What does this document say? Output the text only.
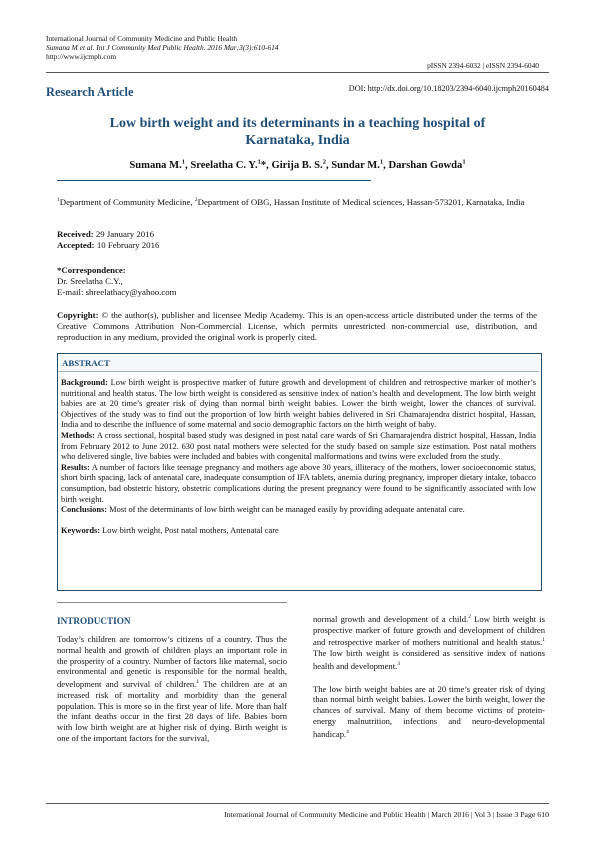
International Journal of Community Medicine and Public Health
Sumana M et al. Int J Community Med Public Health. 2016 Mar;3(3):610-614
http://www.ijcmph.com
pISSN 2394-6032 | eISSN 2394-6040
DOI: http://dx.doi.org/10.18203/2394-6040.ijcmph20160484
Research Article
Low birth weight and its determinants in a teaching hospital of Karnataka, India
Sumana M.$^1$, Sreelatha C. Y.$^1$*, Girija B. S.$^2$, Sundar M.$^1$, Darshan Gowda$^1$
$^1$Department of Community Medicine, $^2$Department of OBG, Hassan Institute of Medical sciences, Hassan-573201, Karnataka, India
Received: 29 January 2016
Accepted: 10 February 2016
*Correspondence:
Dr. Sreelatha C.Y.,
E-mail: shreelathacy@yahoo.com
Copyright: © the author(s), publisher and licensee Medip Academy. This is an open-access article distributed under the terms of the Creative Commons Attribution Non-Commercial License, which permits unrestricted non-commercial use, distribution, and reproduction in any medium, provided the original work is properly cited.
ABSTRACT

Background: Low birth weight is prospective marker of future growth and development of children and retrospective marker of mother’s nutritional and health status. The low birth weight is considered as sensitive index of nation’s health and development. The low birth weight babies are at 20 time’s greater risk of dying than normal birth weight babies. Lower the birth weight, lower the chances of survival. Objectives of the study was to find out the proportion of low birth weight babies delivered in Sri Chamarajendra district hospital, Hassan, India and to describe the influence of some maternal and socio demographic factors on the birth weight of baby.

Methods: A cross sectional, hospital based study was designed in post natal care wards of Sri Chamarajendra district hospital, Hassan, India from February 2012 to June 2012. 630 post natal mothers were selected for the study based on sample size estimation. Post natal mothers who delivered single, live babies were included and babies with congenital malformations and twins were excluded from the study.

Results: A number of factors like teenage pregnancy and mothers age above 30 years, illiteracy of the mothers, lower socioeconomic status, short birth spacing, lack of antenatal care, inadequate consumption of IFA tablets, anemia during pregnancy, improper dietary intake, tobacco consumption, bad obstetric history, obstetric complications during the present pregnancy were found to be significantly associated with low birth weight.

Conclusions: Most of the determinants of low birth weight can be managed easily by providing adequate antenatal care.

Keywords: Low birth weight, Post natal mothers, Antenatal care

INTRODUCTION

Today’s children are tomorrow’s citizens of a country. Thus the normal health and growth of children plays an important role in the prosperity of a country. Number of factors like maternal, socio environmental and genetic is responsible for the normal health, development and survival of children.$^1$ The children are at an increased risk of mortality and morbidity than the general population. This is more so in the first year of life. More than half the infant deaths occur in the first 28 days of life. Babies born with low birth weight are at higher risk of dying. Birth weight is one of the important factors for the survival,

normal growth and development of a child.$^2$ Low birth weight is prospective marker of future growth and development of children and retrospective marker of mothers nutritional and health status.$^1$ The low birth weight is considered as sensitive index of nations health and development.$^3$

The low birth weight babies are at 20 time’s greater risk of dying than normal birth weight babies. Lower the birth weight, lower the chances of survival. Many of them become victims of protein-energy malnutrition, infections and neuro-developmental handicap.$^4$

International Journal of Community Medicine and Public Health | March 2016 | Vol 3 | Issue 3 Page 610
